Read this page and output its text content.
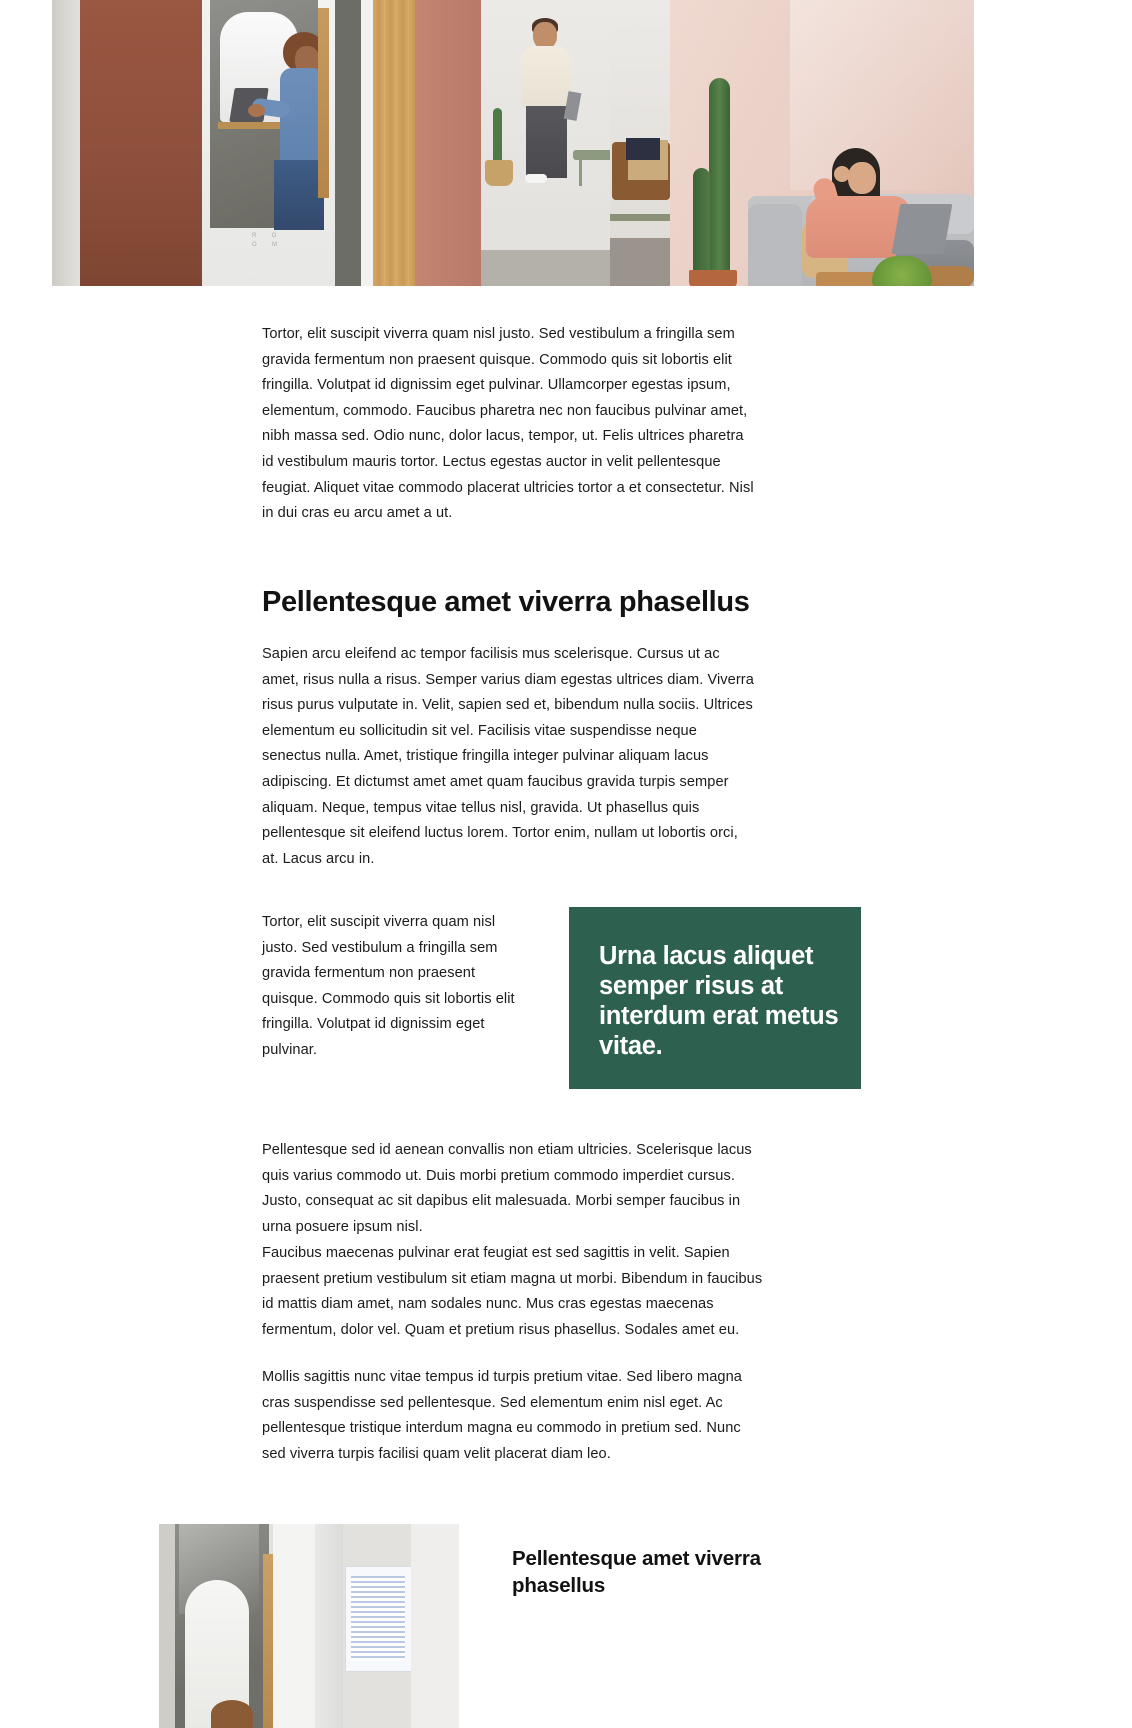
R  O
O  M

Tortor, elit suscipit viverra quam nisl justo. Sed vestibulum a fringilla sem gravida fermentum non praesent quisque. Commodo quis sit lobortis elit fringilla. Volutpat id dignissim eget pulvinar. Ullamcorper egestas ipsum, elementum, commodo. Faucibus pharetra nec non faucibus pulvinar amet, nibh massa sed. Odio nunc, dolor lacus, tempor, ut. Felis ultrices pharetra id vestibulum mauris tortor. Lectus egestas auctor in velit pellentesque feugiat. Aliquet vitae commodo placerat ultricies tortor a et consectetur. Nisl in dui cras eu arcu amet a ut.

Pellentesque amet viverra phasellus

Sapien arcu eleifend ac tempor facilisis mus scelerisque. Cursus ut ac amet, risus nulla a risus. Semper varius diam egestas ultrices diam. Viverra risus purus vulputate in. Velit, sapien sed et, bibendum nulla sociis. Ultrices elementum eu sollicitudin sit vel. Facilisis vitae suspendisse neque senectus nulla. Amet, tristique fringilla integer pulvinar aliquam lacus adipiscing. Et dictumst amet amet quam faucibus gravida turpis semper aliquam. Neque, tempus vitae tellus nisl, gravida. Ut phasellus quis pellentesque sit eleifend luctus lorem. Tortor enim, nullam ut lobortis orci, at. Lacus arcu in.

Tortor, elit suscipit viverra quam nisl justo. Sed vestibulum a fringilla sem gravida fermentum non praesent quisque. Commodo quis sit lobortis elit fringilla. Volutpat id dignissim eget pulvinar.

Urna lacus aliquet semper risus at interdum erat metus vitae.

Pellentesque sed id aenean convallis non etiam ultricies. Scelerisque lacus quis varius commodo ut. Duis morbi pretium commodo imperdiet cursus. Justo, consequat ac sit dapibus elit malesuada. Morbi semper faucibus in urna posuere ipsum nisl.

Faucibus maecenas pulvinar erat feugiat est sed sagittis in velit. Sapien praesent pretium vestibulum sit etiam magna ut morbi. Bibendum in faucibus id mattis diam amet, nam sodales nunc. Mus cras egestas maecenas fermentum, dolor vel. Quam et pretium risus phasellus. Sodales amet eu.

Mollis sagittis nunc vitae tempus id turpis pretium vitae. Sed libero magna cras suspendisse sed pellentesque. Sed elementum enim nisl eget. Ac pellentesque tristique interdum magna eu commodo in pretium sed. Nunc sed viverra turpis facilisi quam velit placerat diam leo.

Pellentesque amet viverra phasellus
